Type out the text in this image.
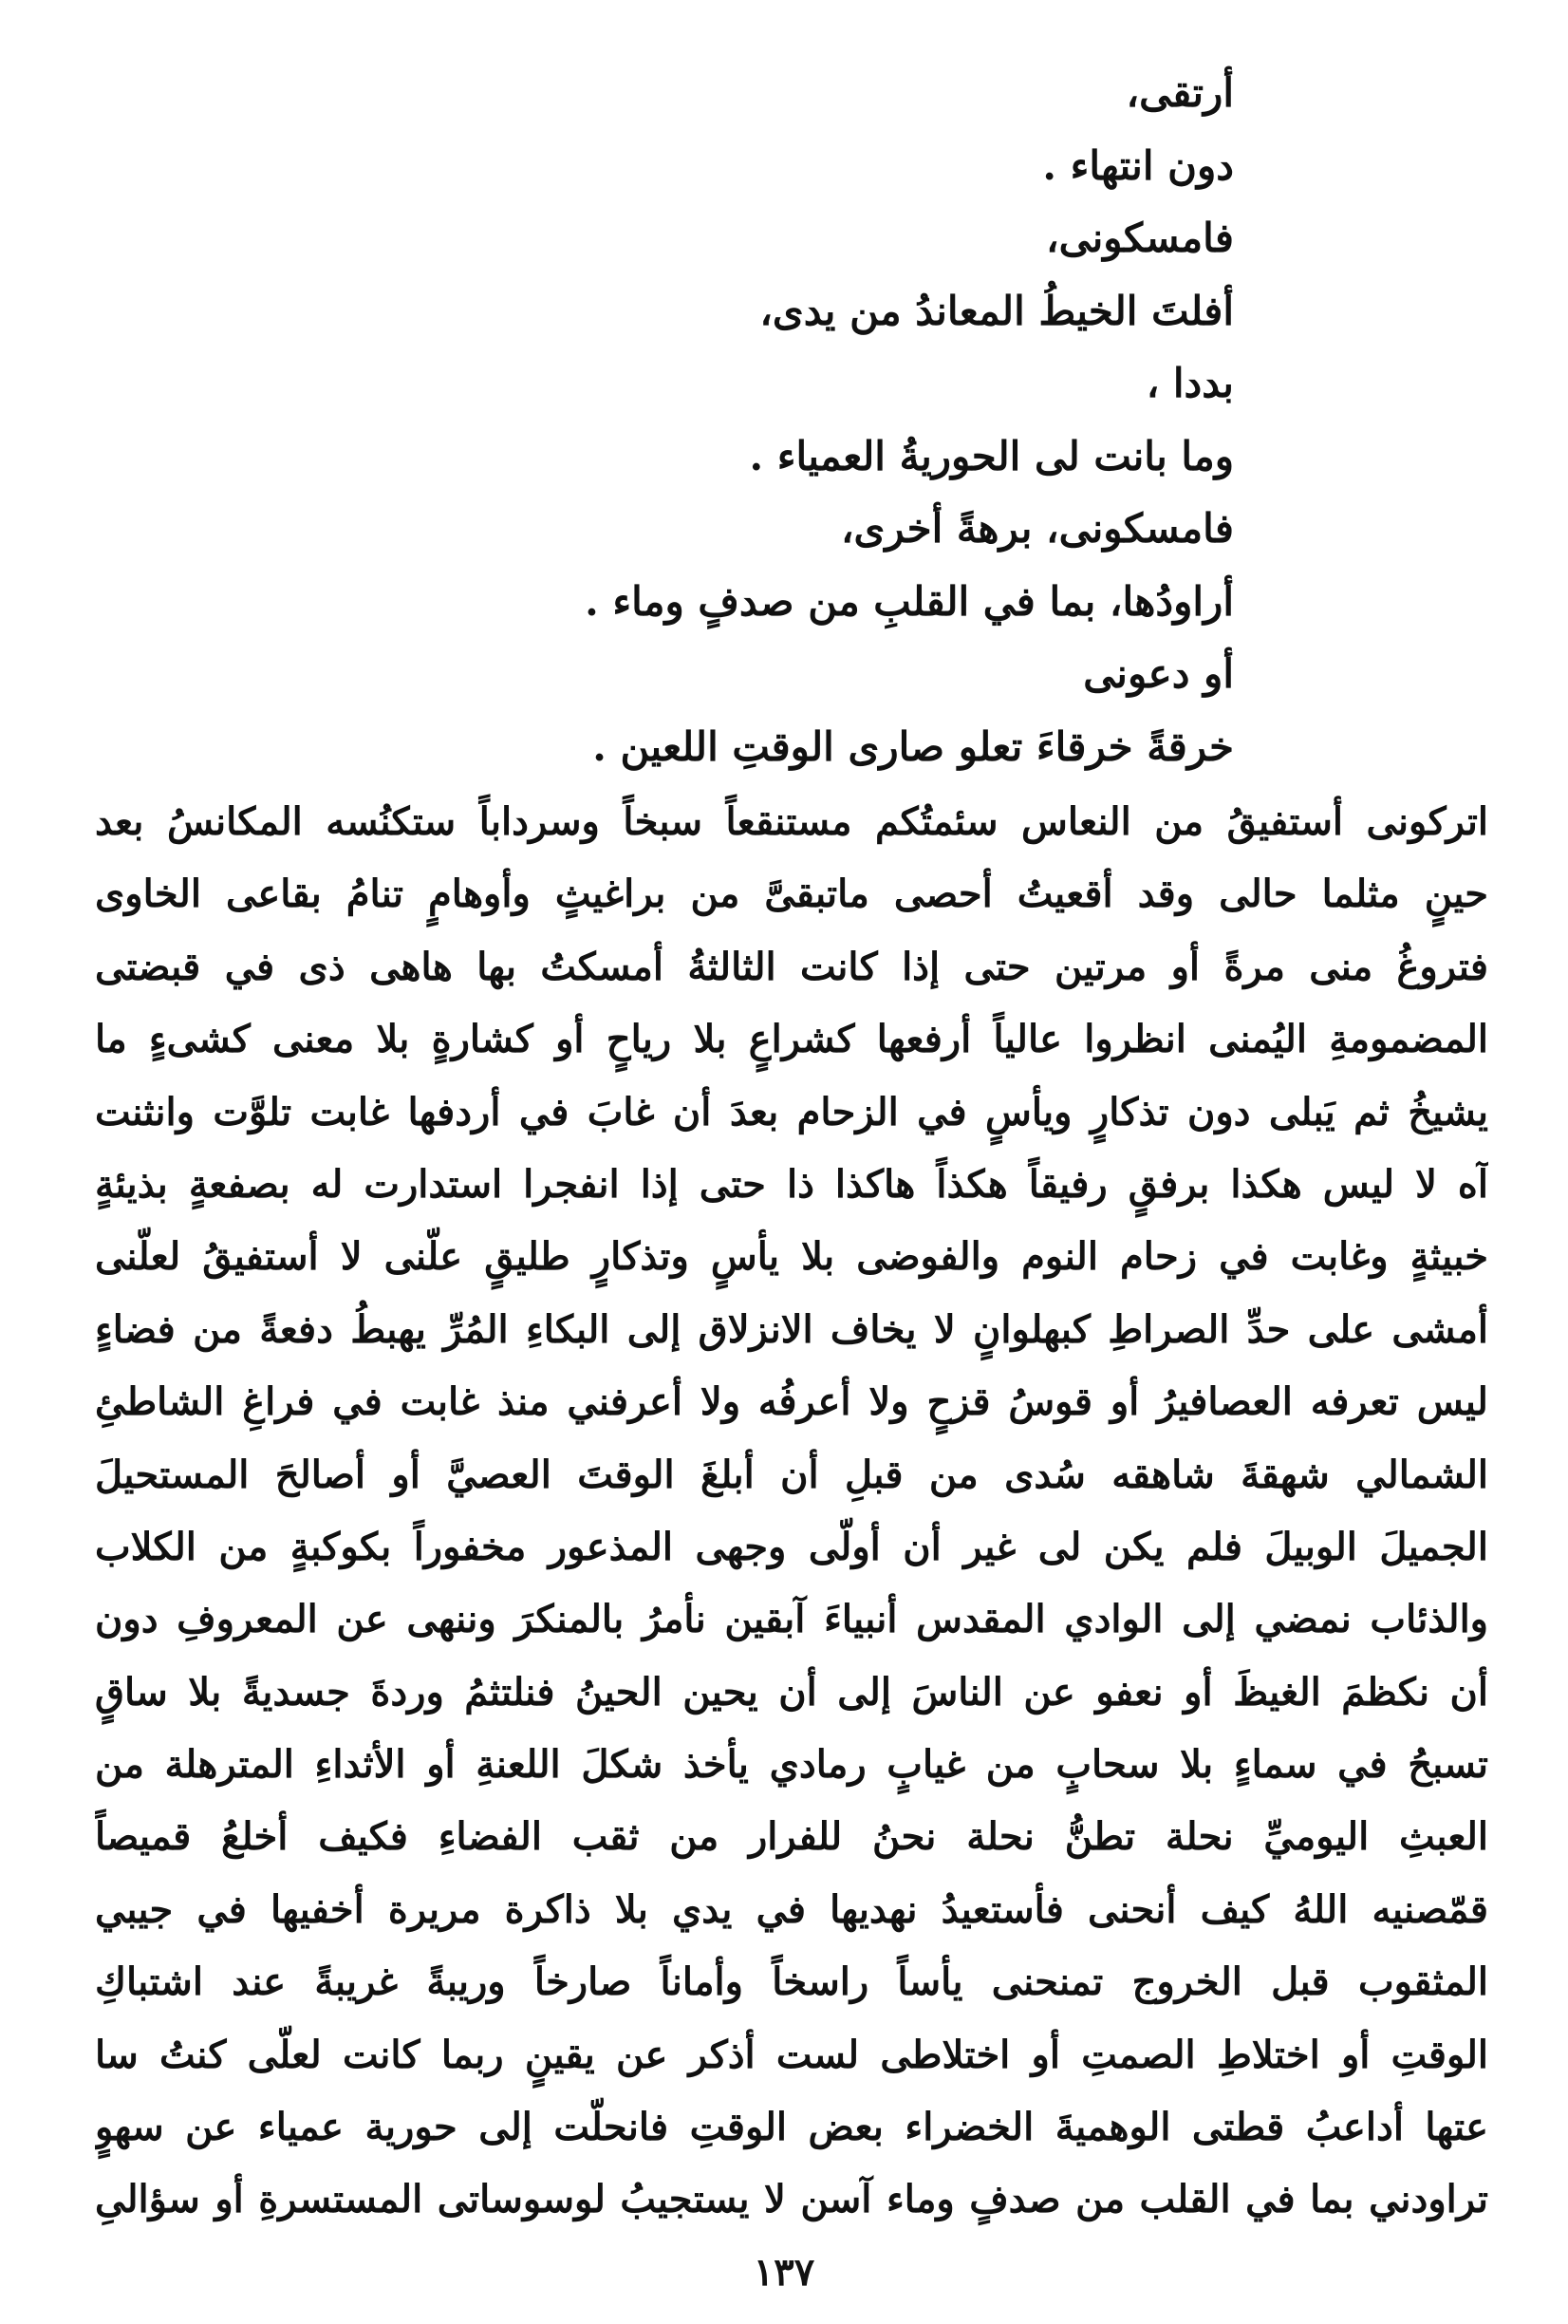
أرتقى،
دون انتهاء .
فامسكونى،
أفلتَ الخيطُ المعاندُ من يدى،
بددا ،
وما بانت لى الحوريةُ العمياء .
فامسكونى، برهةً أخرى،
أراودُها، بما في القلبِ من صدفٍ وماء .
أو دعونى
خرقةً خرقاءَ تعلو صارى الوقتِ اللعين .
اتركونى أستفيقُ من النعاس سئمتُكم مستنقعاً سبخاً وسرداباً ستكنُسه المكانسُ بعد
حينٍ مثلما حالى وقد أقعيتُ أحصى ماتبقىَّ من براغيثٍ وأوهامٍ تنامُ بقاعى الخاوى
فتروغُ منى مرةً أو مرتين حتى إذا كانت الثالثةُ أمسكتُ بها هاهى ذى في قبضتى
المضمومةِ اليُمنى انظروا عالياً أرفعها كشراعٍ بلا رياحٍ أو كشارةٍ بلا معنى كشىءٍ ما
يشيخُ ثم يَبلى دون تذكارٍ ويأسٍ في الزحام بعدَ أن غابَ في أردفها غابت تلوَّت وانثنت
آه لا ليس هكذا برفقٍ رفيقاً هكذاً هاكذا ذا حتى إذا انفجرا استدارت له بصفعةٍ بذيئةٍ
خبيثةٍ وغابت في زحام النوم والفوضى بلا يأسٍ وتذكارٍ طليقٍ علّنى لا أستفيقُ لعلّنى
أمشى على حدِّ الصراطِ كبهلوانٍ لا يخاف الانزلاق إلى البكاءِ المُرِّ يهبطُ دفعةً من فضاءٍ
ليس تعرفه العصافيرُ أو قوسُ قزحٍ ولا أعرفُه ولا أعرفني منذ غابت في فراغِ الشاطئِ
الشمالي شهقةَ شاهقه سُدى من قبلِ أن أبلغَ الوقتَ العصيَّ أو أصالحَ المستحيلَ
الجميلَ الوبيلَ فلم يكن لى غير أن أولّى وجهى المذعور مخفوراً بكوكبةٍ من الكلاب
والذئاب نمضي إلى الوادي المقدس أنبياءَ آبقين نأمرُ بالمنكرَ وننهى عن المعروفِ دون
أن نكظمَ الغيظَ أو نعفو عن الناسَ إلى أن يحين الحينُ فنلتثمُ وردةَ جسديةً بلا ساقٍ
تسبحُ في سماءٍ بلا سحابٍ من غيابٍ رمادي يأخذ شكلَ اللعنةِ أو الأثداءِ المترهلة من
العبثِ اليوميِّ نحلة تطنُّ نحلة نحنُ للفرار من ثقب الفضاءِ فكيف أخلعُ قميصاً
قمّصنيه اللهُ كيف أنحنى فأستعيدُ نهديها في يدي بلا ذاكرة مريرة أخفيها في جيبي
المثقوب قبل الخروج تمنحنى يأساً راسخاً وأماناً صارخاً وريبةً غريبةً عند اشتباكِ
الوقتِ أو اختلاطِ الصمتِ أو اختلاطى لست أذكر عن يقينٍ ربما كانت لعلّى كنتُ سا
عتها أداعبُ قطتى الوهميةَ الخضراء بعض الوقتِ فانحلّت إلى حورية عمياء عن سهوٍ
تراودني بما في القلب من صدفٍ وماء آسن لا يستجيبُ لوسوساتى المستسرةِ أو سؤالىِ
١٣٧
